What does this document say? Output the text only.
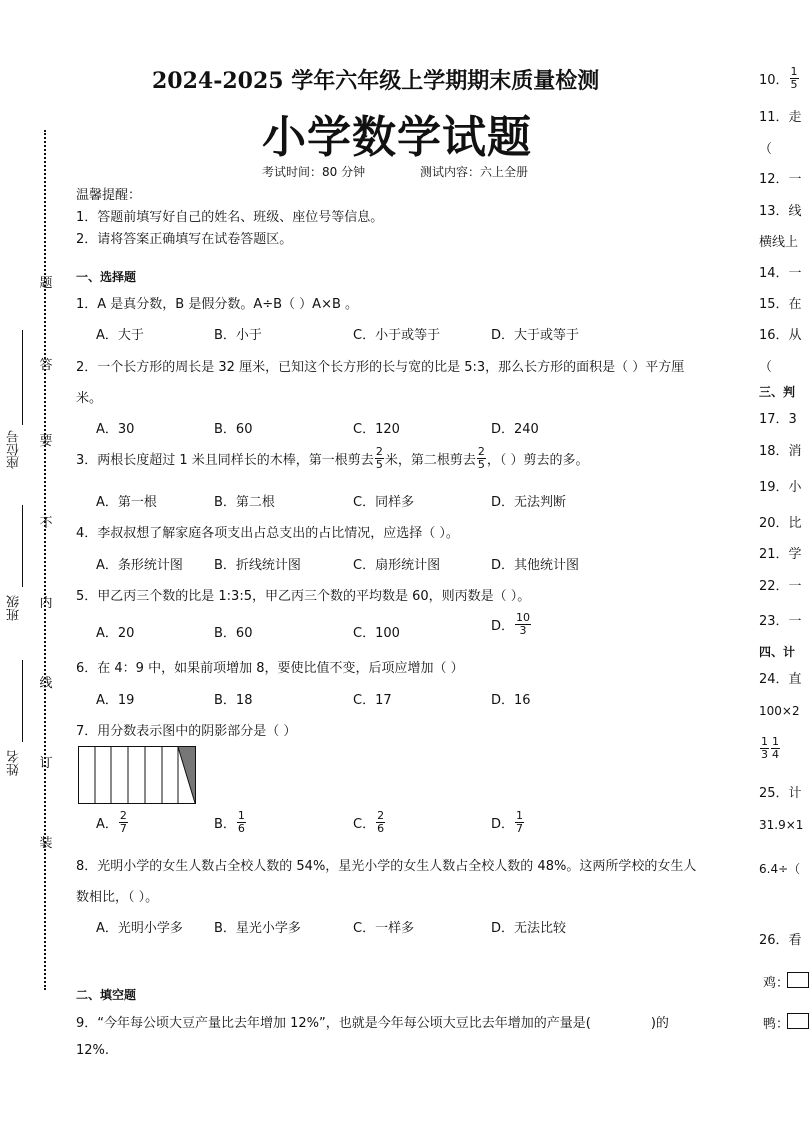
题
答
要
不
内
线
订
装
座位号
班级
姓名
2024-2025 学年六年级上学期期末质量检测
小学数学试题
考试时间：80 分钟	测试内容：六上全册
温馨提醒：
1．答题前填写好自己的姓名、班级、座位号等信息。
2．请将答案正确填写在试卷答题区。
一、选择题
1．A 是真分数，B 是假分数。A÷B（ ）A×B 。
A．大于	B．小于	C．小于或等于	D．大于或等于
2．一个长方形的周长是 32 厘米，已知这个长方形的长与宽的比是 5:3，那么长方形的面积是（ ）平方厘
米。
A．30	B．60	C．120	D．240
3．两根长度超过 1 米且同样长的木棒，第一根剪去 $\frac{2}{5}$ 米，第二根剪去 $\frac{2}{5}$ ，（ ）剪去的多。
A．第一根	B．第二根	C．同样多	D．无法判断
4．李叔叔想了解家庭各项支出占总支出的占比情况，应选择（ ）。
A．条形统计图 B．折线统计图	C．扇形统计图	D．其他统计图
5．甲乙丙三个数的比是 1:3:5，甲乙丙三个数的平均数是 60，则丙数是（ ）。
A．20	B．60	C．100	D． $\frac{10}{3}$
6．在 4：9 中，如果前项增加 8，要使比值不变，后项应增加（ ）
A．19	B．18	C．17	D．16
7．用分数表示图中的阴影部分是（ ）
A． $\frac{2}{7}$	B． $\frac{1}{6}$	C． $\frac{2}{6}$	D． $\frac{1}{7}$
8．光明小学的女生人数占全校人数的 54%，星光小学的女生人数占全校人数的 48%。这两所学校的女生人
数相比，（ ）。
A．光明小学多 B．星光小学多	C．一样多	D．无法比较
二、填空题
9．“今年每公顷大豆产量比去年增加 12%”，也就是今年每公顷大豆比去年增加的产量是(	)的
12%.
10． $\frac{1}{5}$
11．走
（
12．一
13．线
横线上
14．一
15．在
16．从
（
三、判
17．3
18．消
19．小
20．比
21．学
22．一
23．一
四、计
24．直
100×2
$\frac{1}{3} \frac{1}{4}$
25．计
31.9×1
6.4÷（
26．看
鸡：
鸭：
